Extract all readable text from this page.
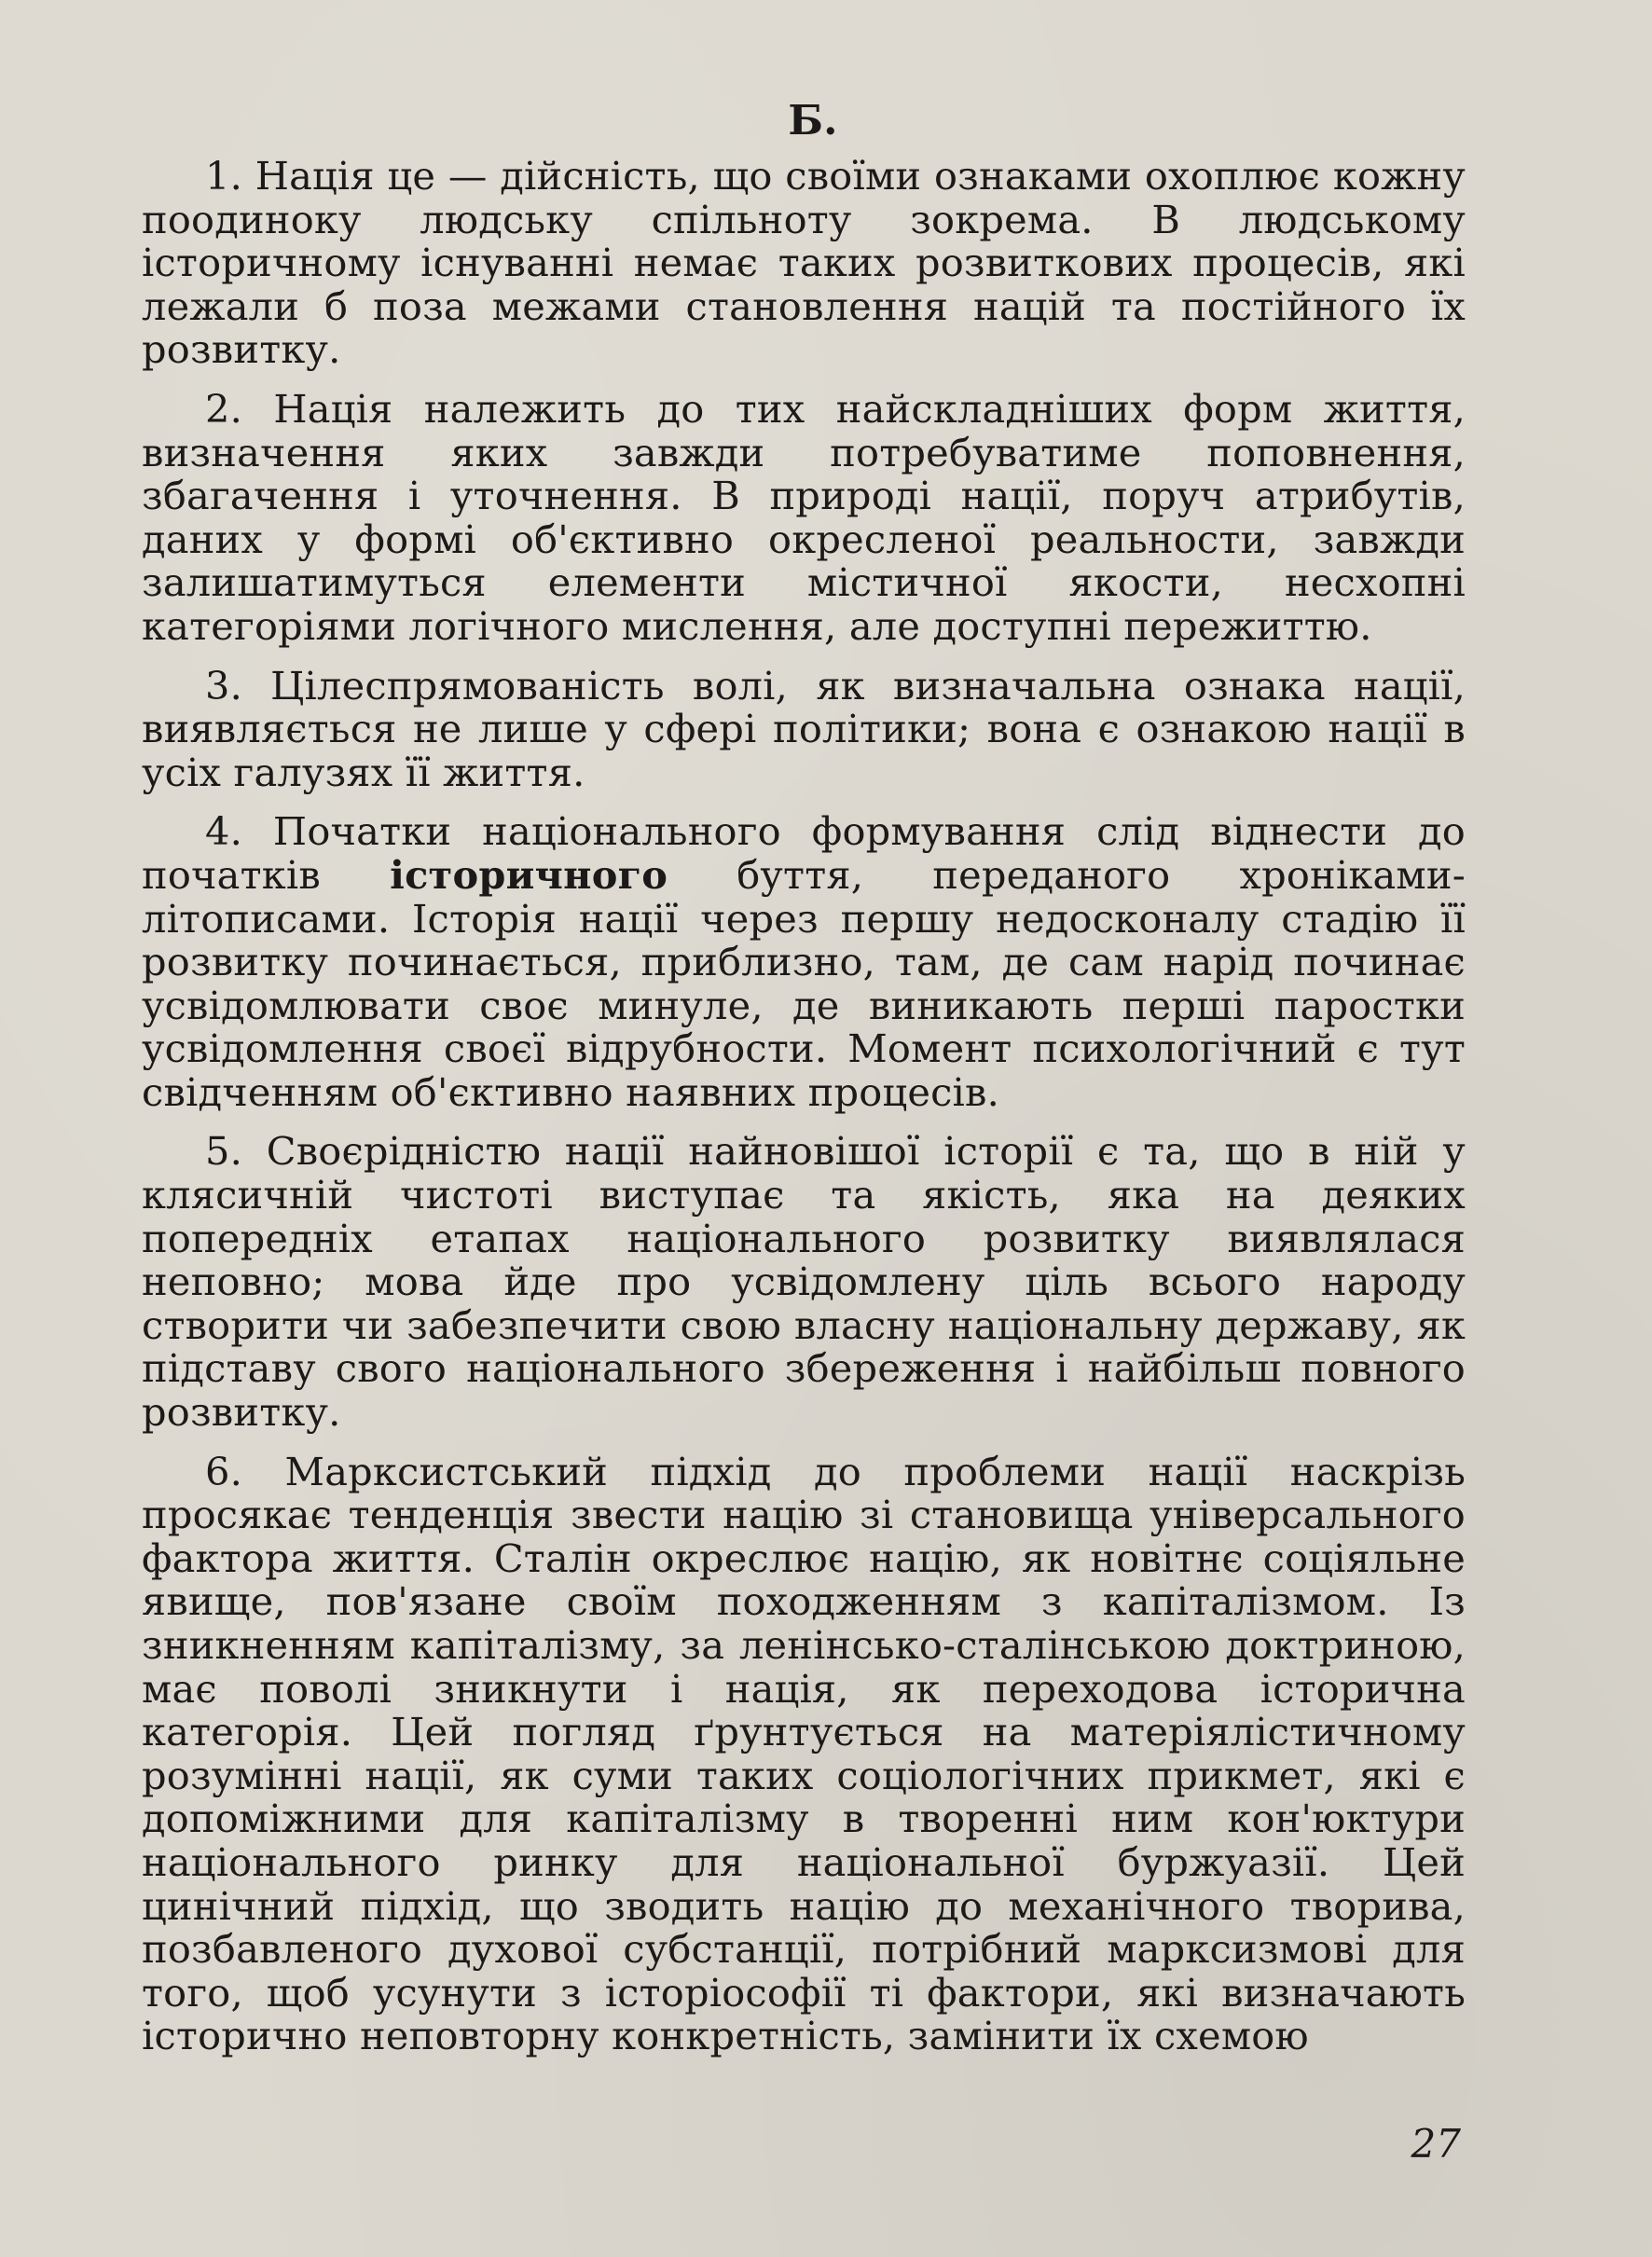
Б.

1. Нація це — дійсність, що своїми ознаками охоплює кожну поодиноку людську спільноту зокрема. В людському історичному існуванні немає таких розвиткових процесів, які лежали б поза межами становлення націй та постійного їх розвитку.

2. Нація належить до тих найскладніших форм життя, визначення яких завжди потребуватиме поповнення, збагачення і уточнення. В природі нації, поруч атрибутів, даних у формі об'єктивно окресленої реальности, завжди залишатимуться елементи містичної якости, несхопні категоріями логічного мислення, але доступні пережиттю.

3. Цілеспрямованість волі, як визначальна ознака нації, виявляється не лише у сфері політики; вона є ознакою нації в усіх галузях її життя.

4. Початки національного формування слід віднести до початків історичного буття, переданого хроніками-літописами. Історія нації через першу недосконалу стадію її розвитку починається, приблизно, там, де сам нарід починає усвідомлювати своє минуле, де виникають перші паростки усвідомлення своєї відрубности. Момент психологічний є тут свідченням об'єктивно наявних процесів.

5. Своєрідністю нації найновішої історії є та, що в ній у клясичній чистоті виступає та якість, яка на деяких попередніх етапах національного розвитку виявлялася неповно; мова йде про усвідомлену ціль всього народу створити чи забезпечити свою власну національну державу, як підставу свого національного збереження і найбільш повного розвитку.

6. Марксистський підхід до проблеми нації наскрізь просякає тенденція звести націю зі становища універсального фактора життя. Сталін окреслює націю, як новітнє соціяльне явище, пов'язане своїм походженням з капіталізмом. Із зникненням капіталізму, за ленінсько-сталінською доктриною, має поволі зникнути і нація, як переходова історична категорія. Цей погляд ґрунтується на матеріялістичному розумінні нації, як суми таких соціологічних прикмет, які є допоміжними для капіталізму в творенні ним кон'юктури національного ринку для національної буржуазії. Цей цинічний підхід, що зводить націю до механічного творива, позбавленого духової субстанції, потрібний марксизмові для того, щоб усунути з історіософії ті фактори, які визначають історично неповторну конкретність, замінити їх схемою

27
